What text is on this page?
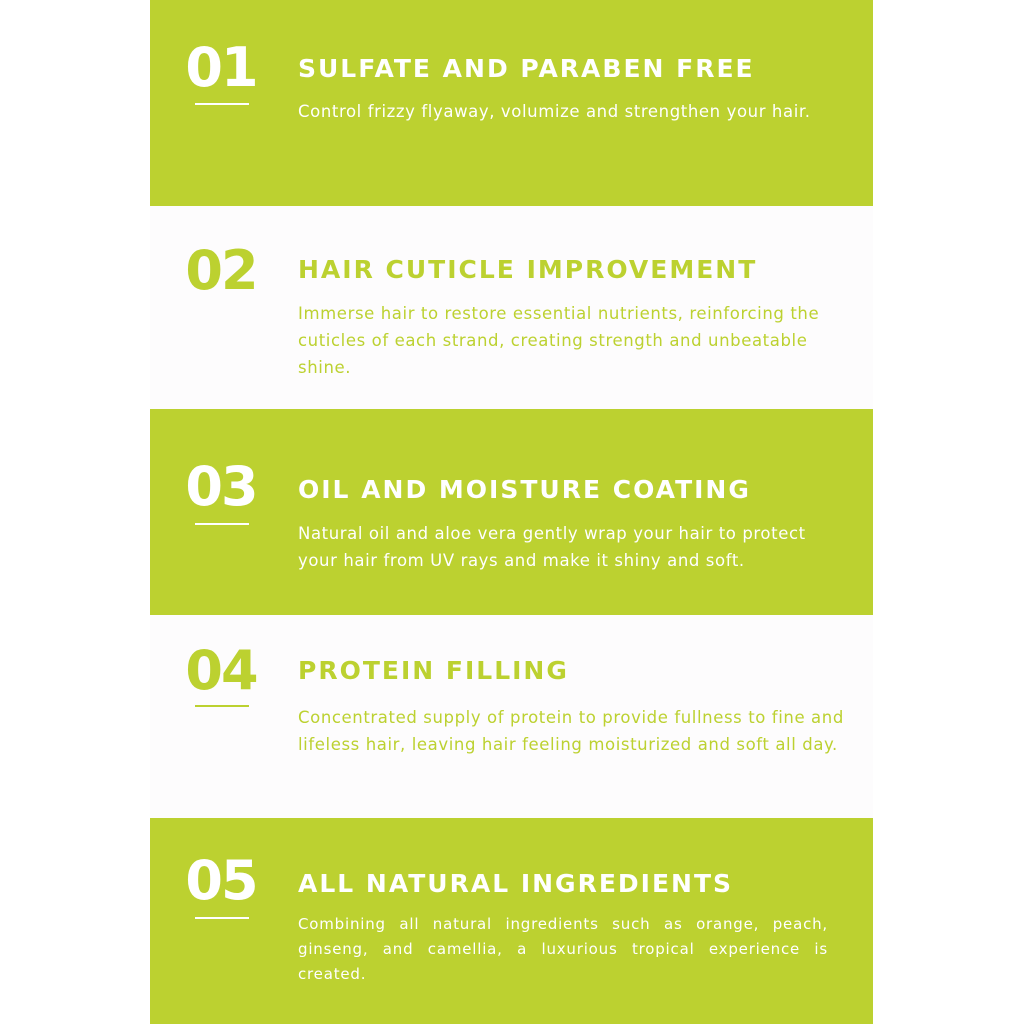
01 SULFATE AND PARABEN FREE
Control frizzy flyaway, volumize and strengthen your hair.
02 HAIR CUTICLE IMPROVEMENT
Immerse hair to restore essential nutrients, reinforcing the cuticles of each strand, creating strength and unbeatable shine.
03 OIL AND MOISTURE COATING
Natural oil and aloe vera gently wrap your hair to protect your hair from UV rays and make it shiny and soft.
04 PROTEIN FILLING
Concentrated supply of protein to provide fullness to fine and lifeless hair, leaving hair feeling moisturized and soft all day.
05 ALL NATURAL INGREDIENTS
Combining all natural ingredients such as orange, peach, ginseng, and camellia, a luxurious tropical experience is created.
